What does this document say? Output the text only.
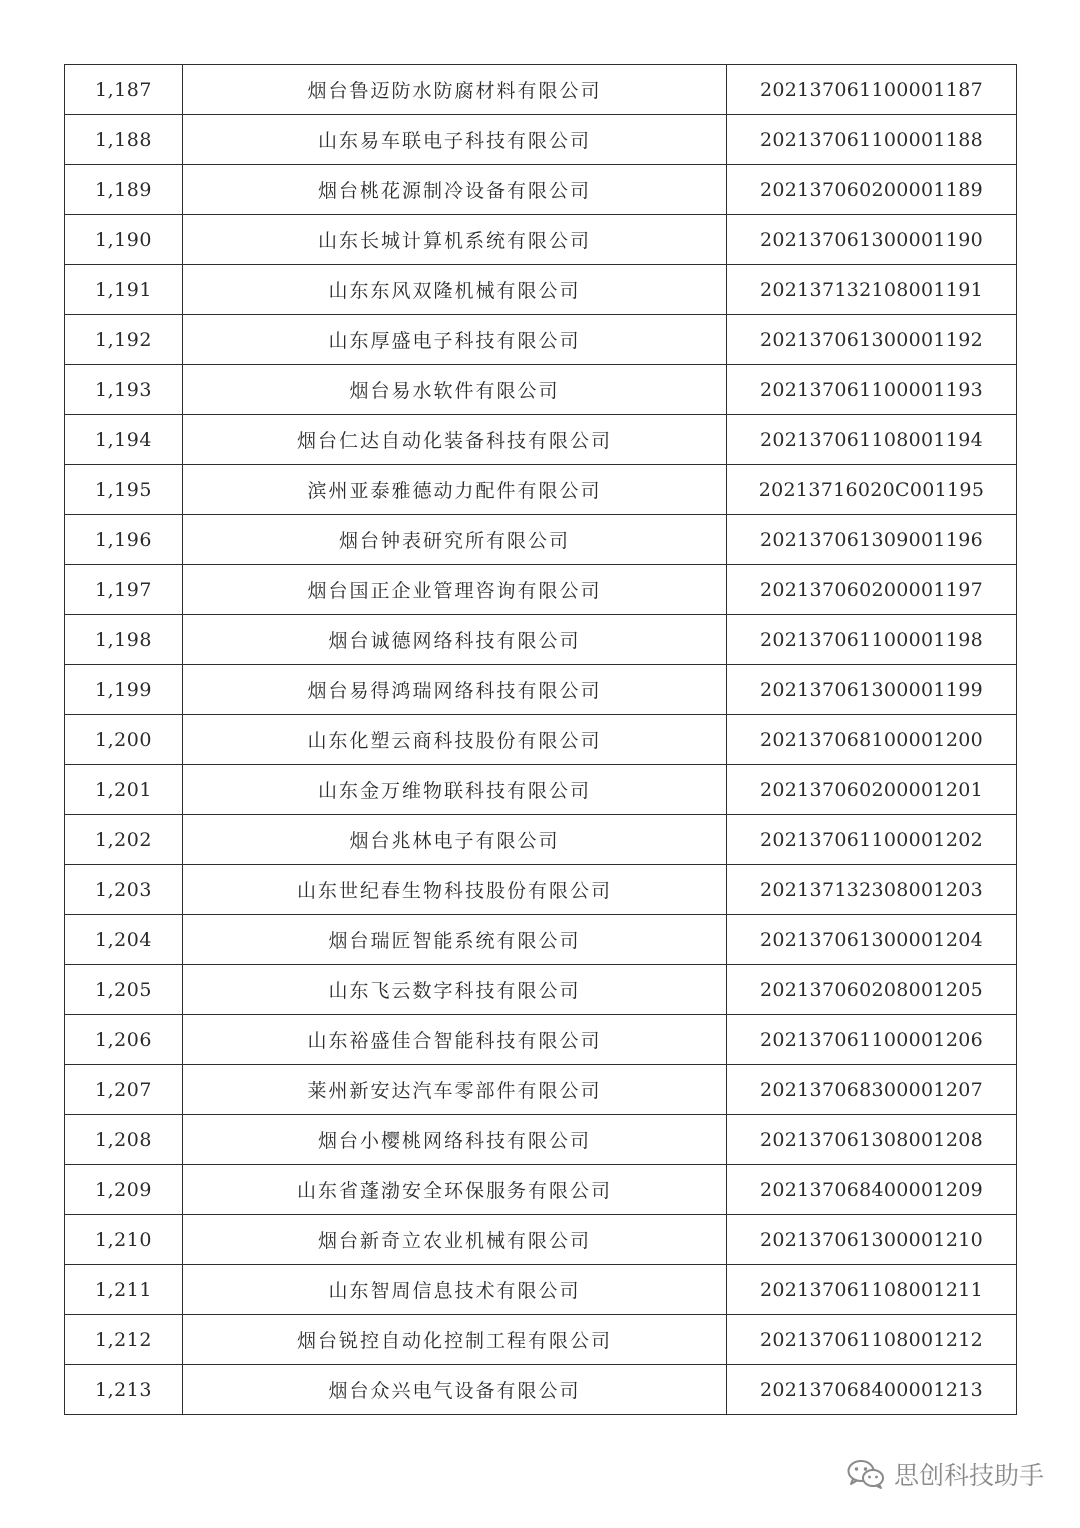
1,187	烟台鲁迈防水防腐材料有限公司	202137061100001187
1,188	山东易车联电子科技有限公司	202137061100001188
1,189	烟台桃花源制冷设备有限公司	202137060200001189
1,190	山东长城计算机系统有限公司	202137061300001190
1,191	山东东风双隆机械有限公司	202137132108001191
1,192	山东厚盛电子科技有限公司	202137061300001192
1,193	烟台易水软件有限公司	202137061100001193
1,194	烟台仁达自动化装备科技有限公司	202137061108001194
1,195	滨州亚泰雅德动力配件有限公司	20213716020C001195
1,196	烟台钟表研究所有限公司	202137061309001196
1,197	烟台国正企业管理咨询有限公司	202137060200001197
1,198	烟台诚德网络科技有限公司	202137061100001198
1,199	烟台易得鸿瑞网络科技有限公司	202137061300001199
1,200	山东化塑云商科技股份有限公司	202137068100001200
1,201	山东金万维物联科技有限公司	202137060200001201
1,202	烟台兆林电子有限公司	202137061100001202
1,203	山东世纪春生物科技股份有限公司	202137132308001203
1,204	烟台瑞匠智能系统有限公司	202137061300001204
1,205	山东飞云数字科技有限公司	202137060208001205
1,206	山东裕盛佳合智能科技有限公司	202137061100001206
1,207	莱州新安达汽车零部件有限公司	202137068300001207
1,208	烟台小樱桃网络科技有限公司	202137061308001208
1,209	山东省蓬渤安全环保服务有限公司	202137068400001209
1,210	烟台新奇立农业机械有限公司	202137061300001210
1,211	山东智周信息技术有限公司	202137061108001211
1,212	烟台锐控自动化控制工程有限公司	202137061108001212
1,213	烟台众兴电气设备有限公司	202137068400001213
思创科技助手
